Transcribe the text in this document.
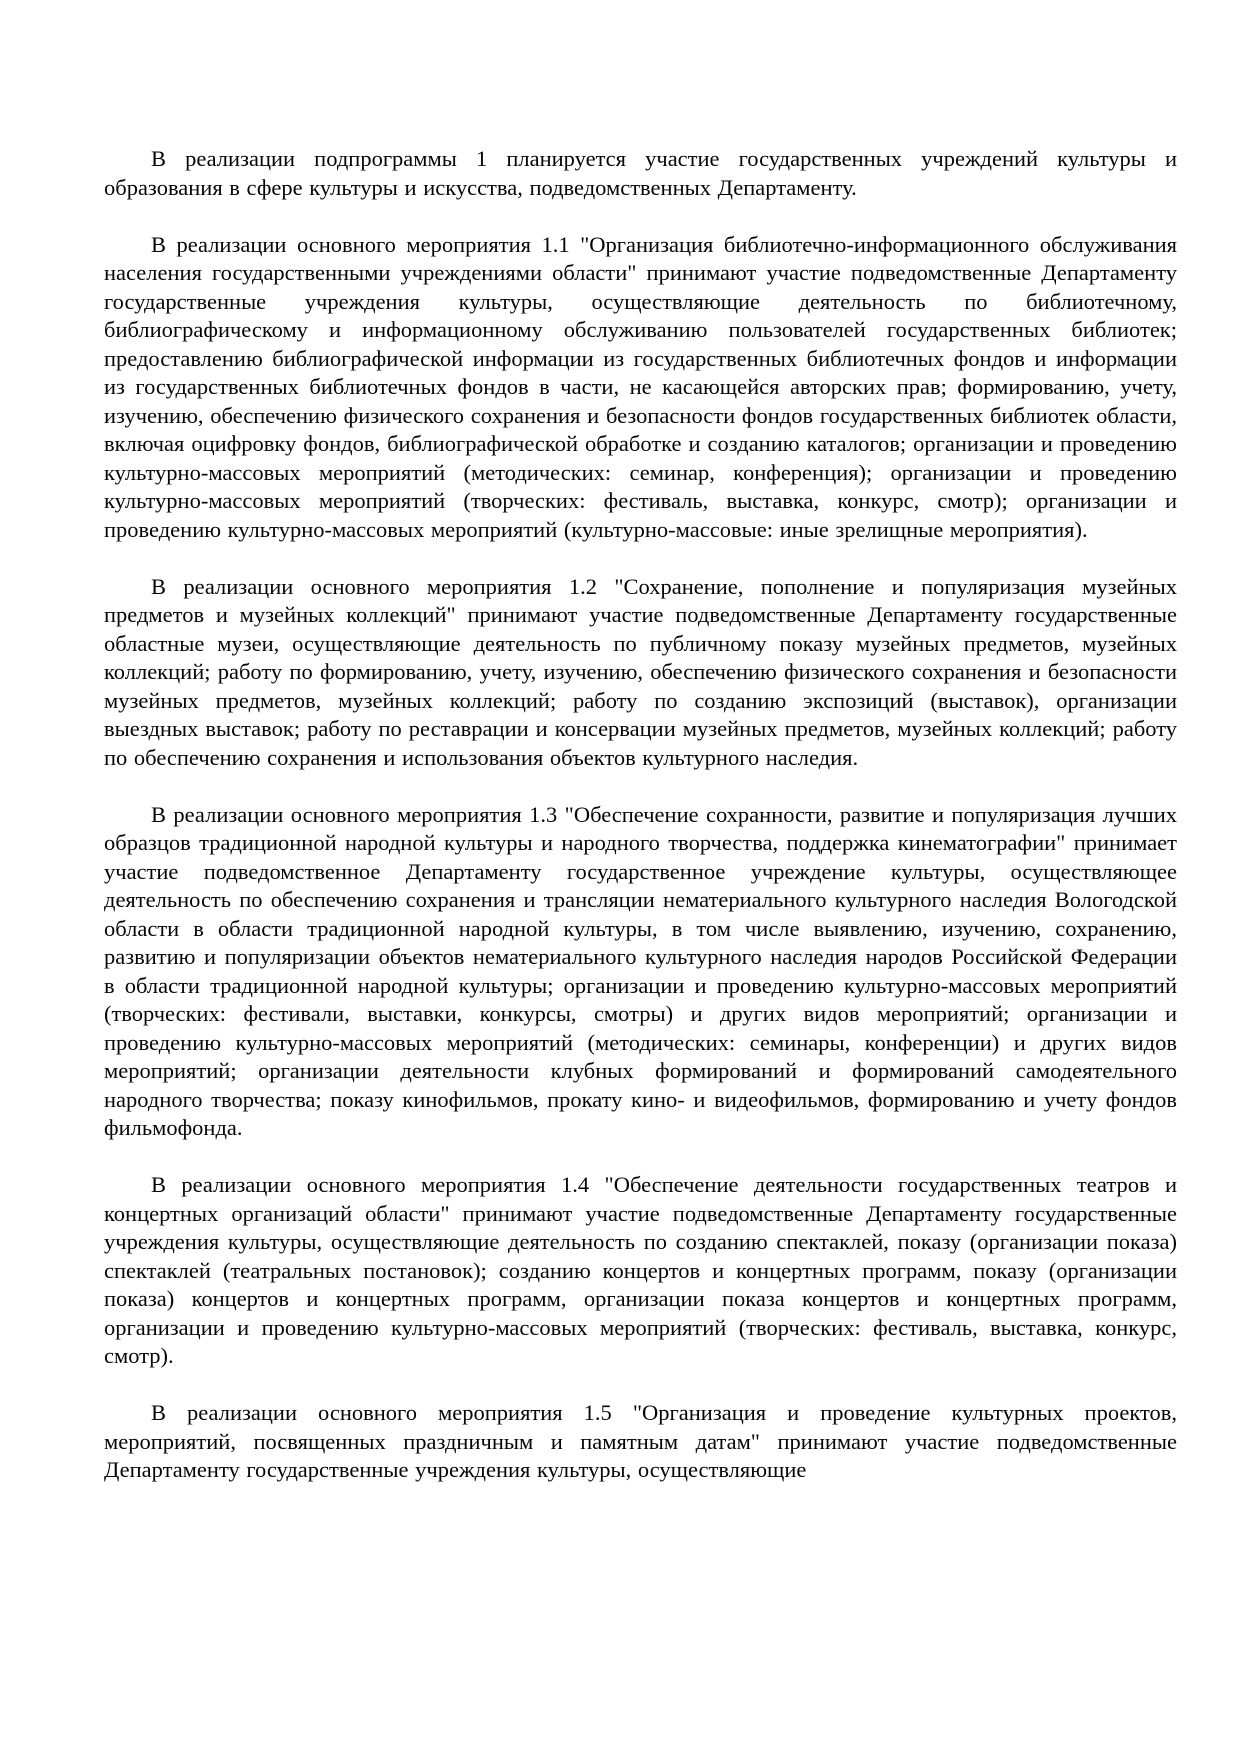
В реализации подпрограммы 1 планируется участие государственных учреждений культуры и образования в сфере культуры и искусства, подведомственных Департаменту.

В реализации основного мероприятия 1.1 "Организация библиотечно-информационного обслуживания населения государственными учреждениями области" принимают участие подведомственные Департаменту государственные учреждения культуры, осуществляющие деятельность по библиотечному, библиографическому и информационному обслуживанию пользователей государственных библиотек; предоставлению библиографической информации из государственных библиотечных фондов и информации из государственных библиотечных фондов в части, не касающейся авторских прав; формированию, учету, изучению, обеспечению физического сохранения и безопасности фондов государственных библиотек области, включая оцифровку фондов, библиографической обработке и созданию каталогов; организации и проведению культурно-массовых мероприятий (методических: семинар, конференция); организации и проведению культурно-массовых мероприятий (творческих: фестиваль, выставка, конкурс, смотр); организации и проведению культурно-массовых мероприятий (культурно-массовые: иные зрелищные мероприятия).

В реализации основного мероприятия 1.2 "Сохранение, пополнение и популяризация музейных предметов и музейных коллекций" принимают участие подведомственные Департаменту государственные областные музеи, осуществляющие деятельность по публичному показу музейных предметов, музейных коллекций; работу по формированию, учету, изучению, обеспечению физического сохранения и безопасности музейных предметов, музейных коллекций; работу по созданию экспозиций (выставок), организации выездных выставок; работу по реставрации и консервации музейных предметов, музейных коллекций; работу по обеспечению сохранения и использования объектов культурного наследия.

В реализации основного мероприятия 1.3 "Обеспечение сохранности, развитие и популяризация лучших образцов традиционной народной культуры и народного творчества, поддержка кинематографии" принимает участие подведомственное Департаменту государственное учреждение культуры, осуществляющее деятельность по обеспечению сохранения и трансляции нематериального культурного наследия Вологодской области в области традиционной народной культуры, в том числе выявлению, изучению, сохранению, развитию и популяризации объектов нематериального культурного наследия народов Российской Федерации в области традиционной народной культуры; организации и проведению культурно-массовых мероприятий (творческих: фестивали, выставки, конкурсы, смотры) и других видов мероприятий; организации и проведению культурно-массовых мероприятий (методических: семинары, конференции) и других видов мероприятий; организации деятельности клубных формирований и формирований самодеятельного народного творчества; показу кинофильмов, прокату кино- и видеофильмов, формированию и учету фондов фильмофонда.

В реализации основного мероприятия 1.4 "Обеспечение деятельности государственных театров и концертных организаций области" принимают участие подведомственные Департаменту государственные учреждения культуры, осуществляющие деятельность по созданию спектаклей, показу (организации показа) спектаклей (театральных постановок); созданию концертов и концертных программ, показу (организации показа) концертов и концертных программ, организации показа концертов и концертных программ, организации и проведению культурно-массовых мероприятий (творческих: фестиваль, выставка, конкурс, смотр).

В реализации основного мероприятия 1.5 "Организация и проведение культурных проектов, мероприятий, посвященных праздничным и памятным датам" принимают участие подведомственные Департаменту государственные учреждения культуры, осуществляющие
